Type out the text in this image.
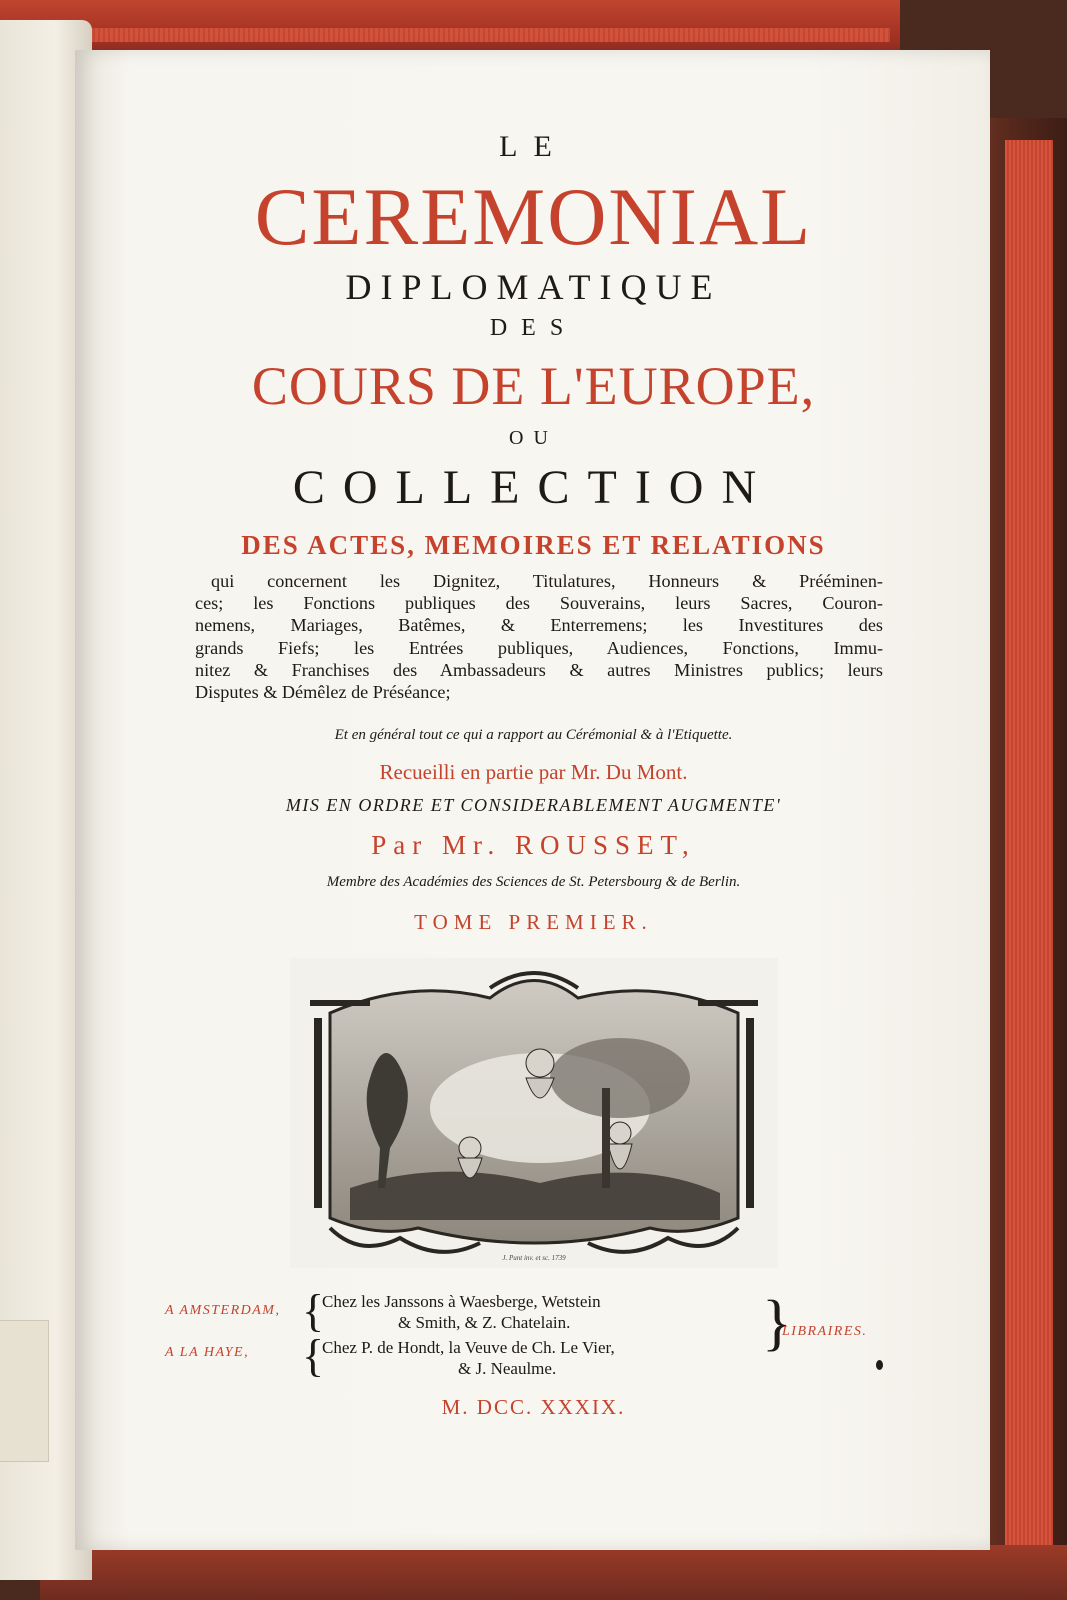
LE

CEREMONIAL

DIPLOMATIQUE

DES

COURS DE L'EUROPE,

OU

COLLECTION

DES ACTES, MEMOIRES ET RELATIONS

qui concernent les Dignitez, Titulatures, Honneurs & Prééminen-
ces; les Fonctions publiques des Souverains, leurs Sacres, Couron-
nemens, Mariages, Batêmes, & Enterremens; les Investitures des
grands Fiefs; les Entrées publiques, Audiences, Fonctions, Immu-
nitez & Franchises des Ambassadeurs & autres Ministres publics; leurs
Disputes & Démêlez de Préséance;

Et en général tout ce qui a rapport au Cérémonial & à l'Etiquette.

Recueilli en partie par Mr. Du Mont.

MIS EN ORDRE ET CONSIDERABLEMENT AUGMENTE'

Par Mr. ROUSSET,

Membre des Académies des Sciences de St. Petersbourg & de Berlin.

TOME PREMIER.

J. Punt inv. et sc. 1739

A AMSTERDAM,

A LA HAYE,

{

{

Chez les Janssons à Waesberge, Wetstein

& Smith, & Z. Chatelain.

Chez P. de Hondt, la Veuve de Ch. Le Vier,

& J. Neaulme.

}

LIBRAIRES.

M. DCC. XXXIX.
